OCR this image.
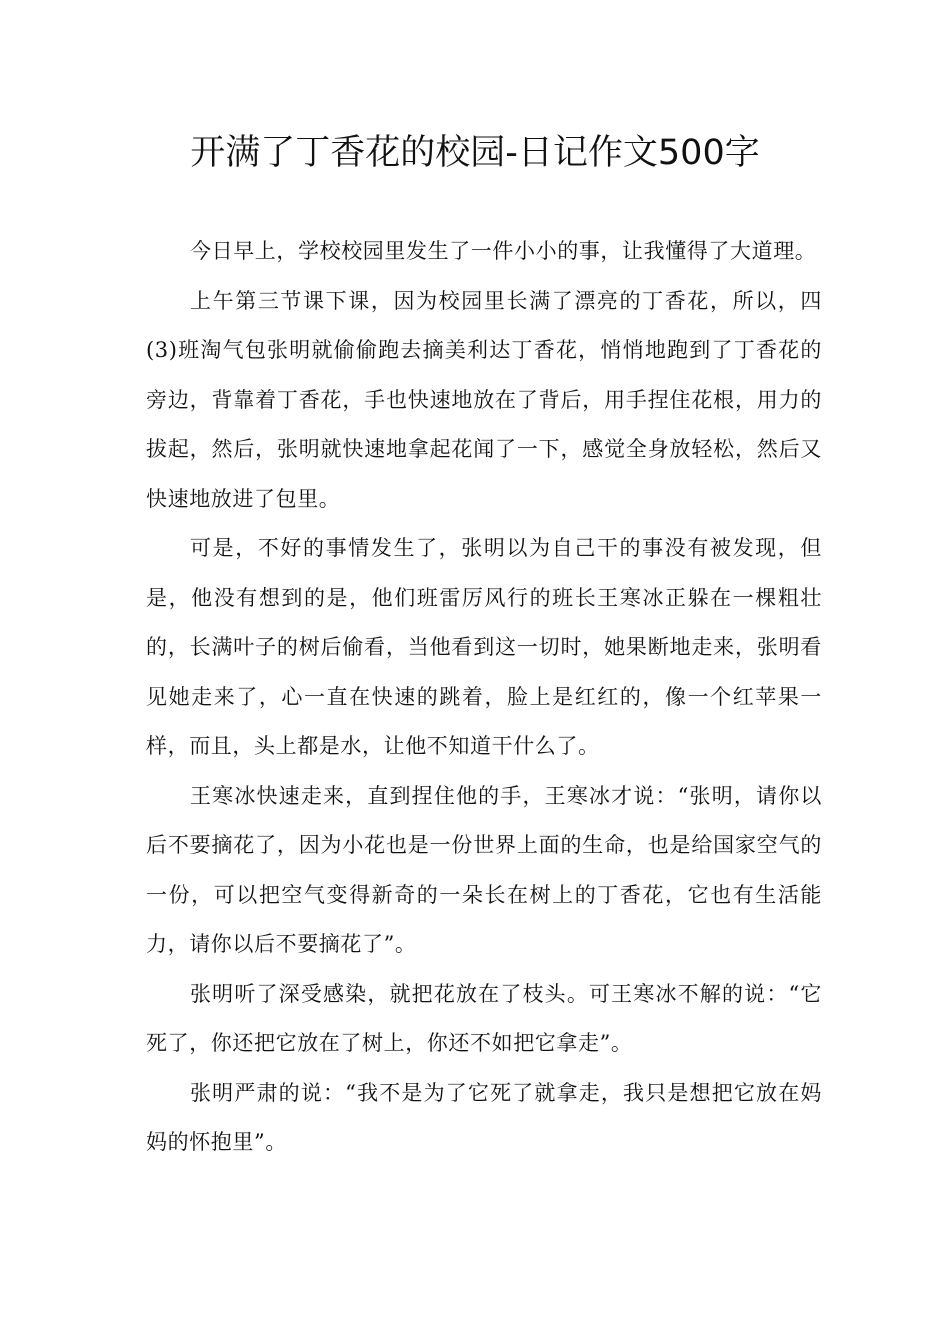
开满了丁香花的校园-日记作文500字

今日早上，学校校园里发生了一件小小的事，让我懂得了大道理。

上午第三节课下课，因为校园里长满了漂亮的丁香花，所以，四(3)班淘气包张明就偷偷跑去摘美利达丁香花，悄悄地跑到了丁香花的旁边，背靠着丁香花，手也快速地放在了背后，用手捏住花根，用力的拔起，然后，张明就快速地拿起花闻了一下，感觉全身放轻松，然后又快速地放进了包里。

可是，不好的事情发生了，张明以为自己干的事没有被发现，但是，他没有想到的是，他们班雷厉风行的班长王寒冰正躲在一棵粗壮的，长满叶子的树后偷看，当他看到这一切时，她果断地走来，张明看见她走来了，心一直在快速的跳着，脸上是红红的，像一个红苹果一样，而且，头上都是水，让他不知道干什么了。

王寒冰快速走来，直到捏住他的手，王寒冰才说：“张明，请你以后不要摘花了，因为小花也是一份世界上面的生命，也是给国家空气的一份，可以把空气变得新奇的一朵长在树上的丁香花，它也有生活能力，请你以后不要摘花了”。

张明听了深受感染，就把花放在了枝头。可王寒冰不解的说：“它死了，你还把它放在了树上，你还不如把它拿走”。

张明严肃的说：“我不是为了它死了就拿走，我只是想把它放在妈妈的怀抱里”。
